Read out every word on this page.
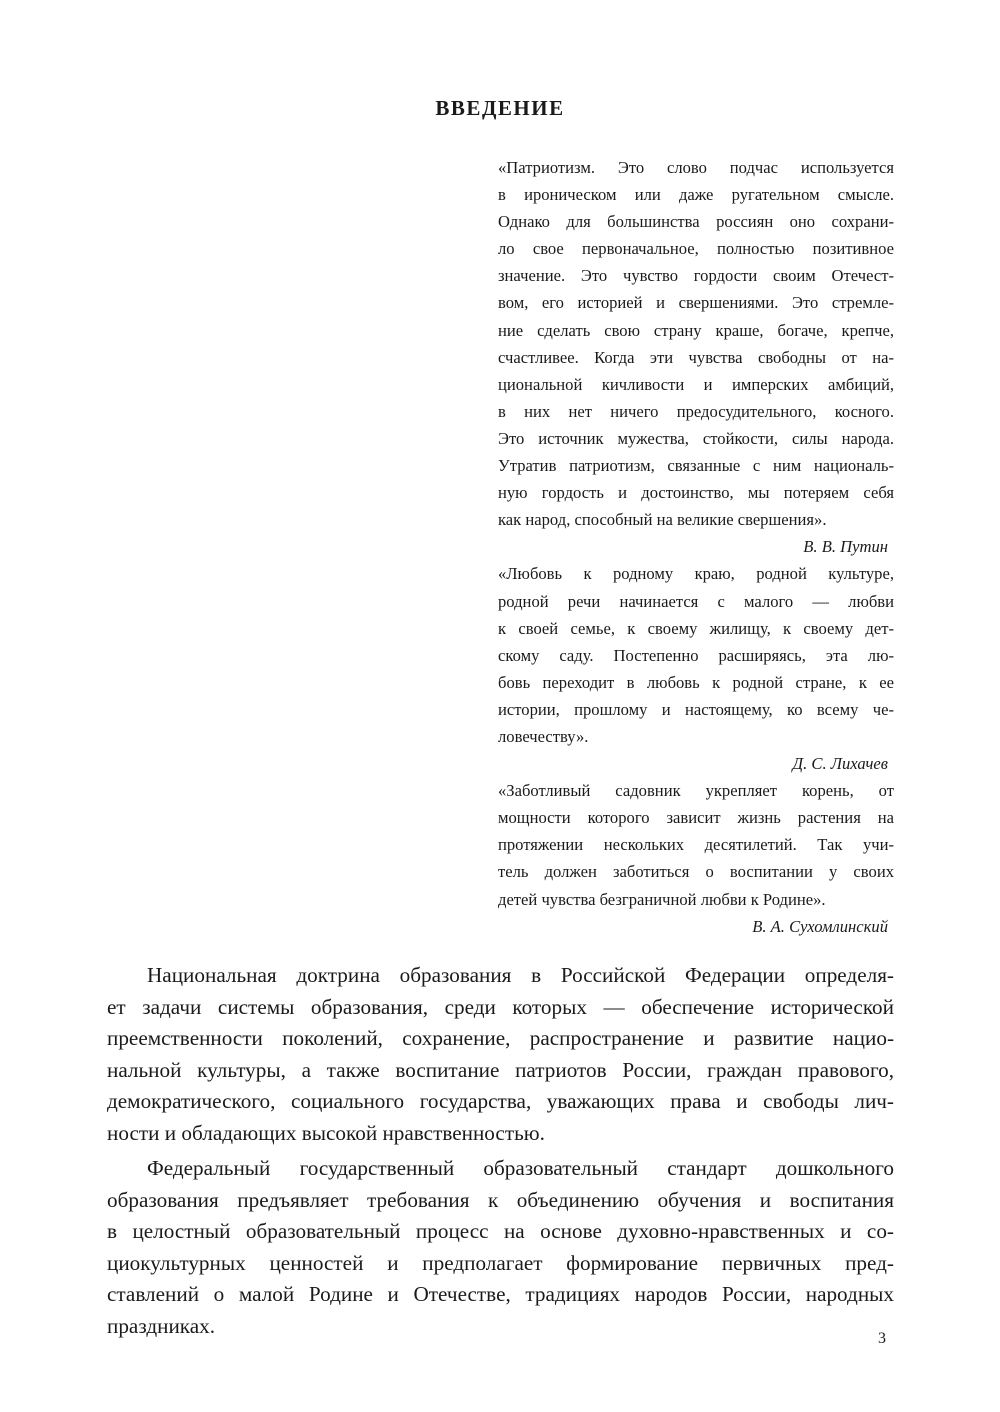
ВВЕДЕНИЕ
«Патриотизм. Это слово подчас используется
в ироническом или даже ругательном смысле.
Однако для большинства россиян оно сохрани-
ло свое первоначальное, полностью позитивное
значение. Это чувство гордости своим Отечест-
вом, его историей и свершениями. Это стремле-
ние сделать свою страну краше, богаче, крепче,
счастливее. Когда эти чувства свободны от на-
циональной кичливости и имперских амбиций,
в них нет ничего предосудительного, косного.
Это источник мужества, стойкости, силы народа.
Утратив патриотизм, связанные с ним националь-
ную гордость и достоинство, мы потеряем себя
как народ, способный на великие свершения».
В. В. Путин
«Любовь к родному краю, родной культуре,
родной речи начинается с малого — любви
к своей семье, к своему жилищу, к своему дет-
скому саду. Постепенно расширяясь, эта лю-
бовь переходит в любовь к родной стране, к ее
истории, прошлому и настоящему, ко всему че-
ловечеству».
Д. С. Лихачев
«Заботливый садовник укрепляет корень, от
мощности которого зависит жизнь растения на
протяжении нескольких десятилетий. Так учи-
тель должен заботиться о воспитании у своих
детей чувства безграничной любви к Родине».
В. А. Сухомлинский
Национальная доктрина образования в Российской Федерации определя-
ет задачи системы образования, среди которых — обеспечение исторической
преемственности поколений, сохранение, распространение и развитие нацио-
нальной культуры, а также воспитание патриотов России, граждан правового,
демократического, социального государства, уважающих права и свободы лич-
ности и обладающих высокой нравственностью.
Федеральный государственный образовательный стандарт дошкольного
образования предъявляет требования к объединению обучения и воспитания
в целостный образовательный процесс на основе духовно-нравственных и со-
циокультурных ценностей и предполагает формирование первичных пред-
ставлений о малой Родине и Отечестве, традициях народов России, народных
праздниках.
3
